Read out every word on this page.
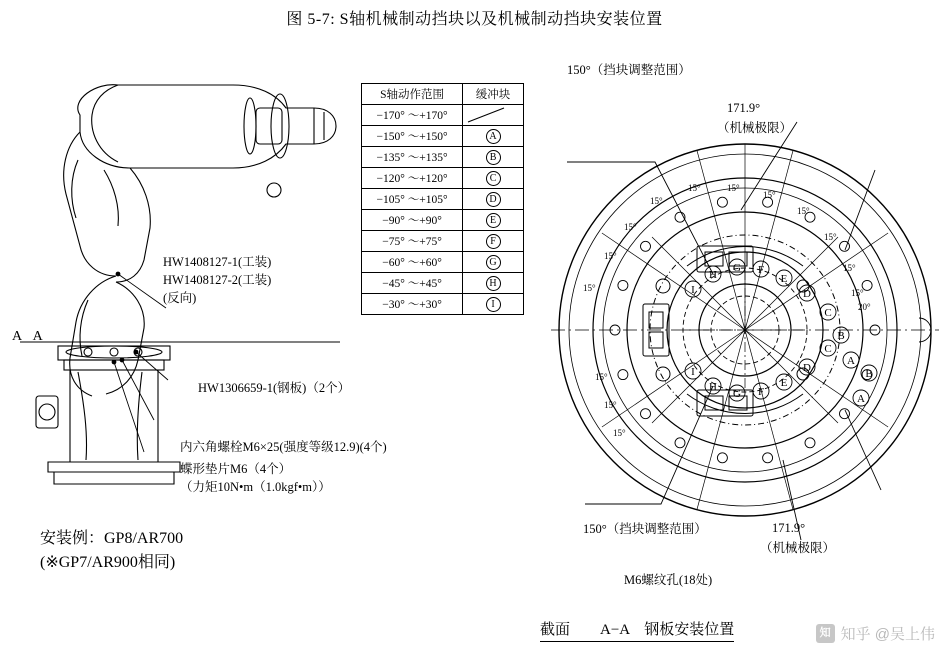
图 5-7: S轴机械制动挡块以及机械制动挡块安装位置
A   A
HW1408127-1(工装)
HW1408127-2(工装)
(反向)
HW1306659-1(钢板)（2个）
内六角螺栓M6×25(强度等级12.9)(4个)
蝶形垫片M6（4个）
（力矩10N•m（1.0kgf•m））
安装例：GP8/AR700
(※GP7/AR900相同)
S轴动作范围	缓冲块
−170° ～+170°	

−150° ～+150°	A
−135° ～+135°	B
−120° ～+120°	C
−105° ～+105°	D
−90° ～+90°	E
−75° ～+75°	F
−60° ～+60°	G
−45° ～+45°	H
−30° ～+30°	I
I
H
G F
E
D
C
B
A
I
H
G F
E
D
C
B
A
150°（挡块调整范围）
171.9°
（机械极限）
150°（挡块调整范围）	171.9°
（机械极限）
M6螺纹孔(18处)
20°
15°
15°	15°
15°
15°
15°
15°
15°
15°
15°
15°
15°
15°
15°
截面　　A−A　钢板安装位置	知 知乎 @吴上伟
